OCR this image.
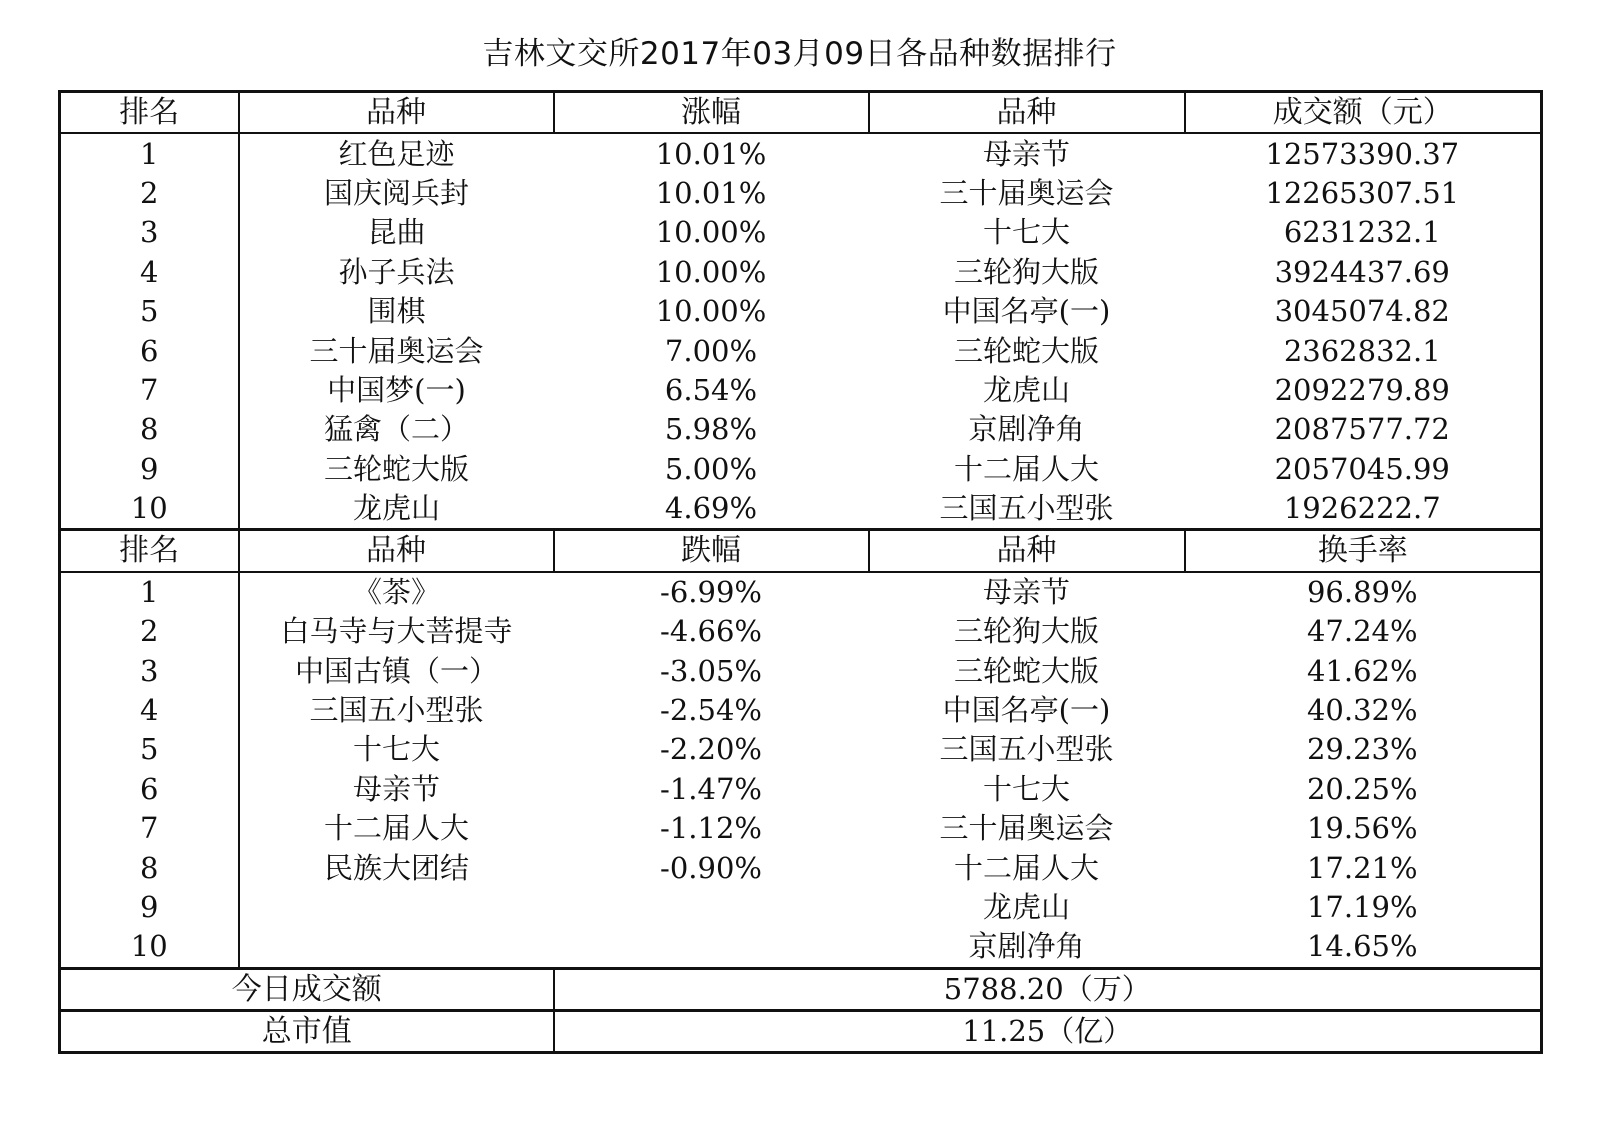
吉林文交所2017年03月09日各品种数据排行
排名	品种	涨幅	品种	成交额（元）
1	红色足迹	10.01%	母亲节	12573390.37
2	国庆阅兵封	10.01%	三十届奥运会	12265307.51
3	昆曲	10.00%	十七大	6231232.1
4	孙子兵法	10.00%	三轮狗大版	3924437.69
5	围棋	10.00%	中国名亭(一)	3045074.82
6	三十届奥运会	7.00%	三轮蛇大版	2362832.1
7	中国梦(一)	6.54%	龙虎山	2092279.89
8	猛禽（二）	5.98%	京剧净角	2087577.72
9	三轮蛇大版	5.00%	十二届人大	2057045.99
10	龙虎山	4.69%	三国五小型张	1926222.7
排名	品种	跌幅	品种	换手率
1	《茶》	-6.99%	母亲节	96.89%
2	白马寺与大菩提寺	-4.66%	三轮狗大版	47.24%
3	中国古镇（一）	-3.05%	三轮蛇大版	41.62%
4	三国五小型张	-2.54%	中国名亭(一)	40.32%
5	十七大	-2.20%	三国五小型张	29.23%
6	母亲节	-1.47%	十七大	20.25%
7	十二届人大	-1.12%	三十届奥运会	19.56%
8	民族大团结	-0.90%	十二届人大	17.21%
9			龙虎山	17.19%
10			京剧净角	14.65%
今日成交额		5788.20（万）		
总市值		11.25（亿）		
